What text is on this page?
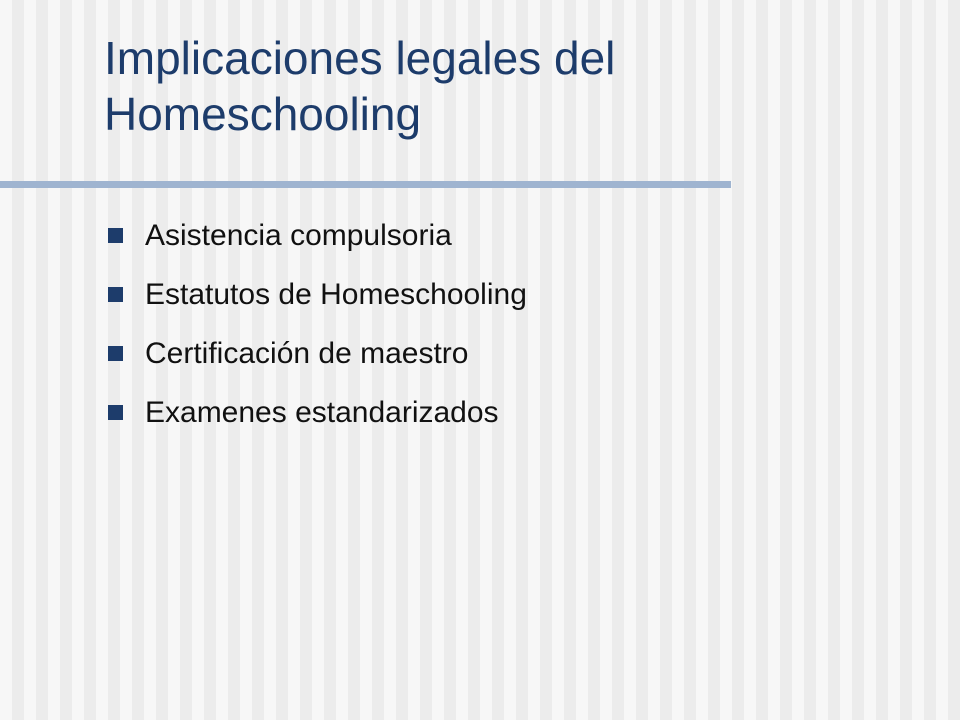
Implicaciones legales del Homeschooling
Asistencia compulsoria
Estatutos de Homeschooling
Certificación de maestro
Examenes estandarizados
